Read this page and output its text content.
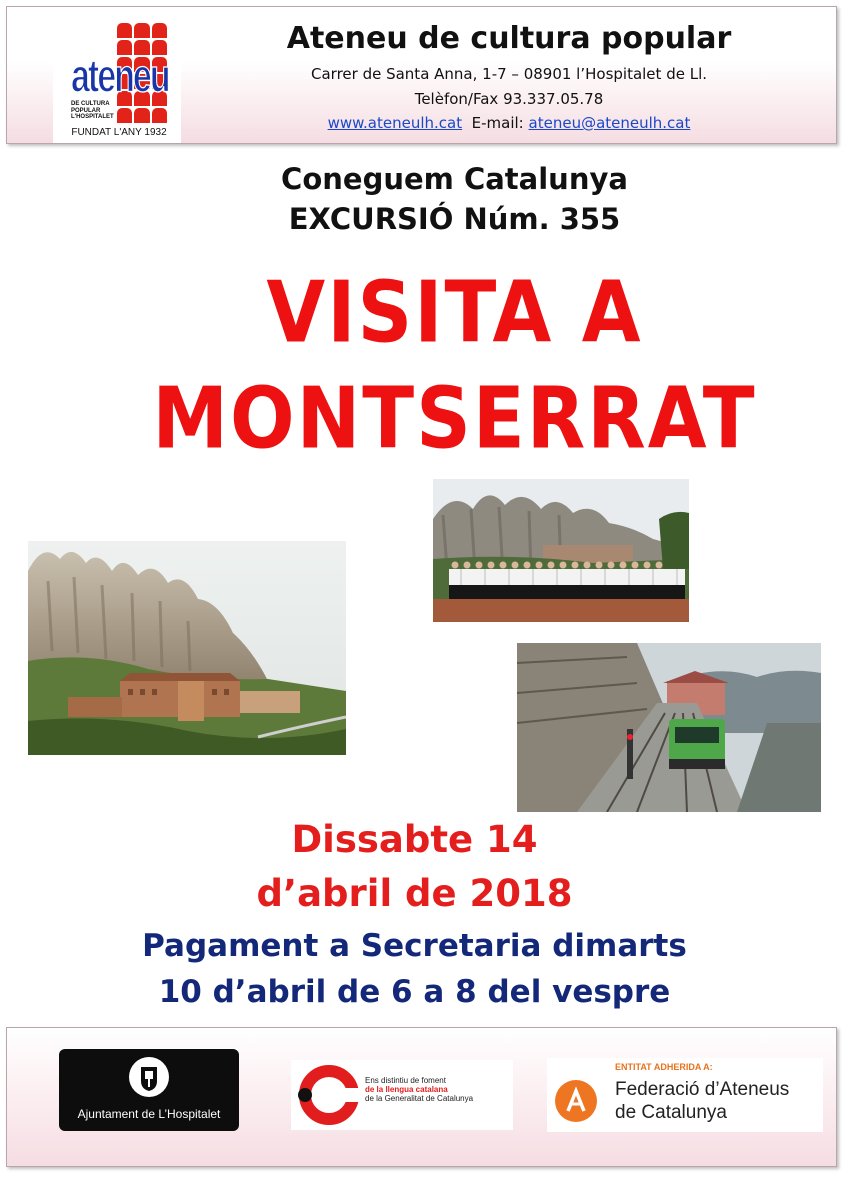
ateneu
DE CULTURA
POPULAR
L'HOSPITALET
FUNDAT L'ANY 1932
Ateneu de cultura popular
Carrer de Santa Anna, 1-7 – 08901 l’Hospitalet de Ll.
Telèfon/Fax 93.337.05.78
www.ateneulh.cat E-mail: ateneu@ateneulh.cat
Coneguem Catalunya
EXCURSIÓ Núm. 355
VISITA A
MONTSERRAT
Dissabte 14
d’abril de 2018
Pagament a Secretaria dimarts
10 d’abril de 6 a 8 del vespre
Ajuntament de L’Hospitalet
Ens distintiu de foment
de la llengua catalana
de la Generalitat de Catalunya
ENTITAT ADHERIDA A:
Federació d’Ateneus
de Catalunya
